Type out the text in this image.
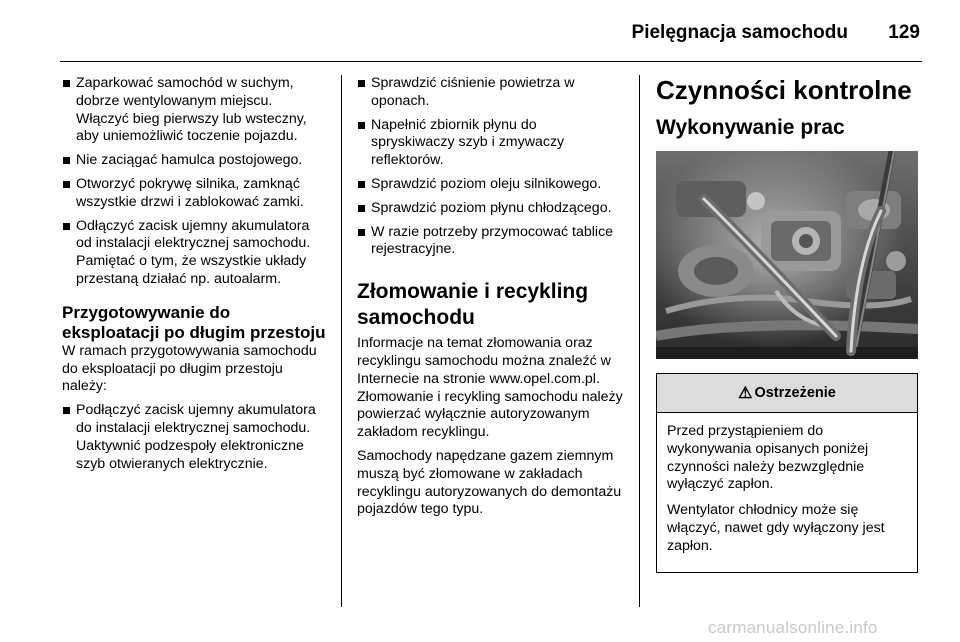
Pielęgnacja samochodu 129
Zaparkować samochód w suchym, dobrze wentylowanym miejscu. Włączyć bieg pierwszy lub wsteczny, aby uniemożliwić toczenie pojazdu.
Nie zaciągać hamulca postojowego.
Otworzyć pokrywę silnika, zamknąć wszystkie drzwi i zablokować zamki.
Odłączyć zacisk ujemny akumulatora od instalacji elektrycznej samochodu. Pamiętać o tym, że wszystkie układy przestaną działać np. autoalarm.
Przygotowywanie do eksploatacji po długim przestoju
W ramach przygotowywania samochodu do eksploatacji po długim przestoju należy:
Podłączyć zacisk ujemny akumulatora do instalacji elektrycznej samochodu. Uaktywnić podzespoły elektroniczne szyb otwieranych elektrycznie.
Sprawdzić ciśnienie powietrza w oponach.
Napełnić zbiornik płynu do spryskiwaczy szyb i zmywaczy reflektorów.
Sprawdzić poziom oleju silnikowego.
Sprawdzić poziom płynu chłodzącego.
W razie potrzeby przymocować tablice rejestracyjne.
Złomowanie i recykling samochodu
Informacje na temat złomowania oraz recyklingu samochodu można znaleźć w Internecie na stronie www.opel.com.pl. Złomowanie i recykling samochodu należy powierzać wyłącznie autoryzowanym zakładom recyklingu.
Samochody napędzane gazem ziemnym muszą być złomowane w zakładach recyklingu autoryzowanych do demontażu pojazdów tego typu.
Czynności kontrolne
Wykonywanie prac
⚠ Ostrzeżenie
Przed przystąpieniem do wykonywania opisanych poniżej czynności należy bezwzględnie wyłączyć zapłon.
Wentylator chłodnicy może się włączyć, nawet gdy wyłączony jest zapłon.
carmanualsonline.info
